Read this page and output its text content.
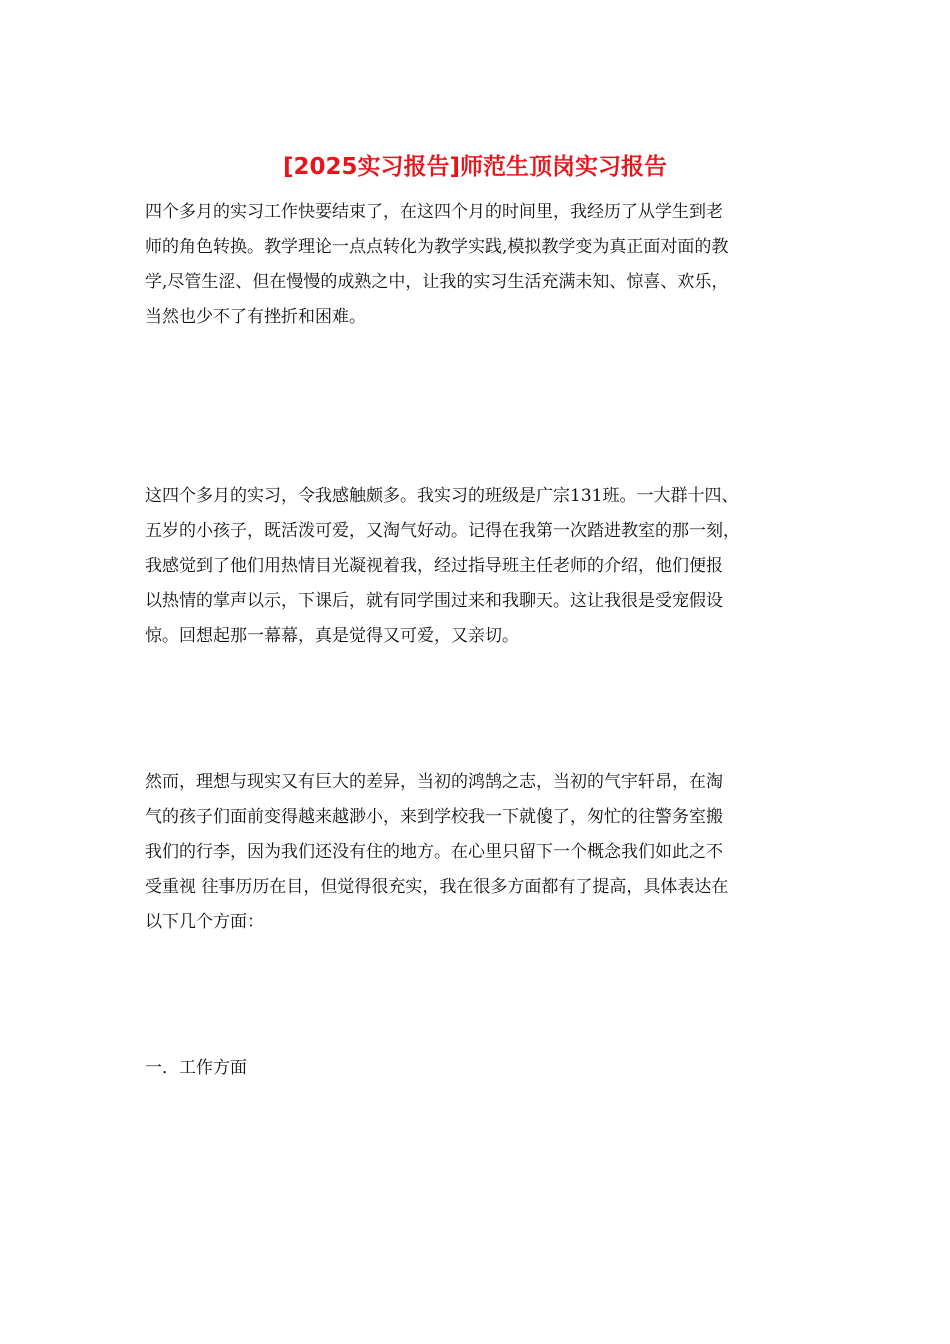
[2025实习报告]师范生顶岗实习报告

四个多月的实习工作快要结束了，在这四个月的时间里，我经历了从学生到老
师的角色转换。教学理论一点点转化为教学实践,模拟教学变为真正面对面的教
学,尽管生涩、但在慢慢的成熟之中，让我的实习生活充满未知、惊喜、欢乐，
当然也少不了有挫折和困难。

这四个多月的实习，令我感触颇多。我实习的班级是广宗131班。一大群十四、
五岁的小孩子，既活泼可爱，又淘气好动。记得在我第一次踏进教室的那一刻，
我感觉到了他们用热情目光凝视着我，经过指导班主任老师的介绍，他们便报
以热情的掌声以示，下课后，就有同学围过来和我聊天。这让我很是受宠假设
惊。回想起那一幕幕，真是觉得又可爱，又亲切。

然而，理想与现实又有巨大的差异，当初的鸿鹄之志，当初的气宇轩昂，在淘
气的孩子们面前变得越来越渺小，来到学校我一下就傻了，匆忙的往警务室搬
我们的行李，因为我们还没有住的地方。在心里只留下一个概念我们如此之不
受重视 往事历历在目，但觉得很充实，我在很多方面都有了提高，具体表达在
以下几个方面：

一．工作方面
